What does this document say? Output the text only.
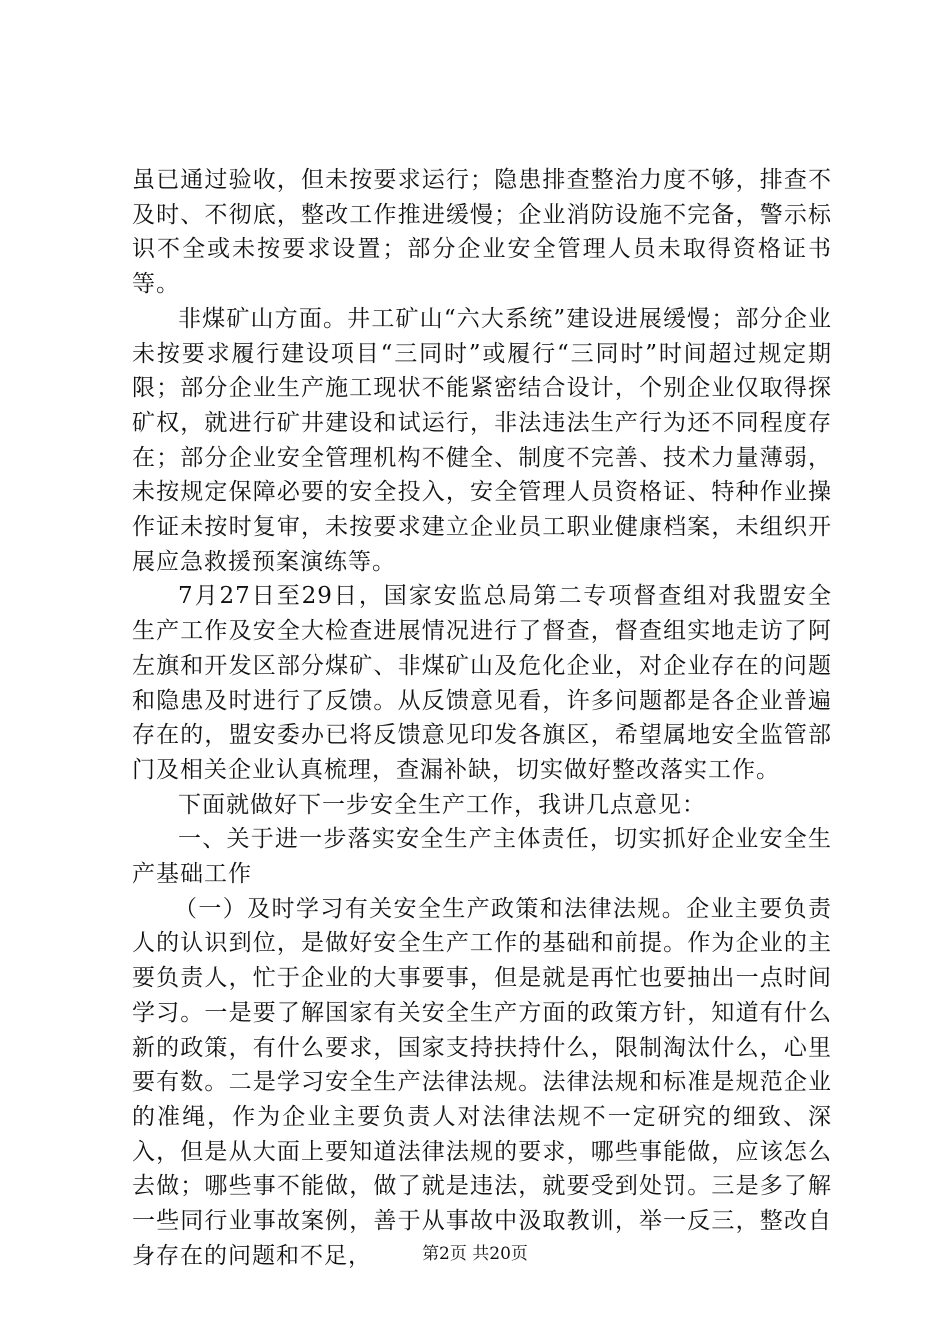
虽已通过验收，但未按要求运行；隐患排查整治力度不够，排查不及时、不彻底，整改工作推进缓慢；企业消防设施不完备，警示标识不全或未按要求设置；部分企业安全管理人员未取得资格证书等。

非煤矿山方面。井工矿山“六大系统”建设进展缓慢；部分企业未按要求履行建设项目“三同时”或履行“三同时”时间超过规定期限；部分企业生产施工现状不能紧密结合设计，个别企业仅取得探矿权，就进行矿井建设和试运行，非法违法生产行为还不同程度存在；部分企业安全管理机构不健全、制度不完善、技术力量薄弱，未按规定保障必要的安全投入，安全管理人员资格证、特种作业操作证未按时复审，未按要求建立企业员工职业健康档案，未组织开展应急救援预案演练等。

7月27日至29日，国家安监总局第二专项督查组对我盟安全生产工作及安全大检查进展情况进行了督查，督查组实地走访了阿左旗和开发区部分煤矿、非煤矿山及危化企业，对企业存在的问题和隐患及时进行了反馈。从反馈意见看，许多问题都是各企业普遍存在的，盟安委办已将反馈意见印发各旗区，希望属地安全监管部门及相关企业认真梳理，查漏补缺，切实做好整改落实工作。

下面就做好下一步安全生产工作，我讲几点意见：

一、关于进一步落实安全生产主体责任，切实抓好企业安全生产基础工作

（一）及时学习有关安全生产政策和法律法规。企业主要负责人的认识到位，是做好安全生产工作的基础和前提。作为企业的主要负责人，忙于企业的大事要事，但是就是再忙也要抽出一点时间学习。一是要了解国家有关安全生产方面的政策方针，知道有什么新的政策，有什么要求，国家支持扶持什么，限制淘汰什么，心里要有数。二是学习安全生产法律法规。法律法规和标准是规范企业的准绳，作为企业主要负责人对法律法规不一定研究的细致、深入，但是从大面上要知道法律法规的要求，哪些事能做，应该怎么去做；哪些事不能做，做了就是违法，就要受到处罚。三是多了解一些同行业事故案例，善于从事故中汲取教训，举一反三，整改自身存在的问题和不足，	第2页 共20页
